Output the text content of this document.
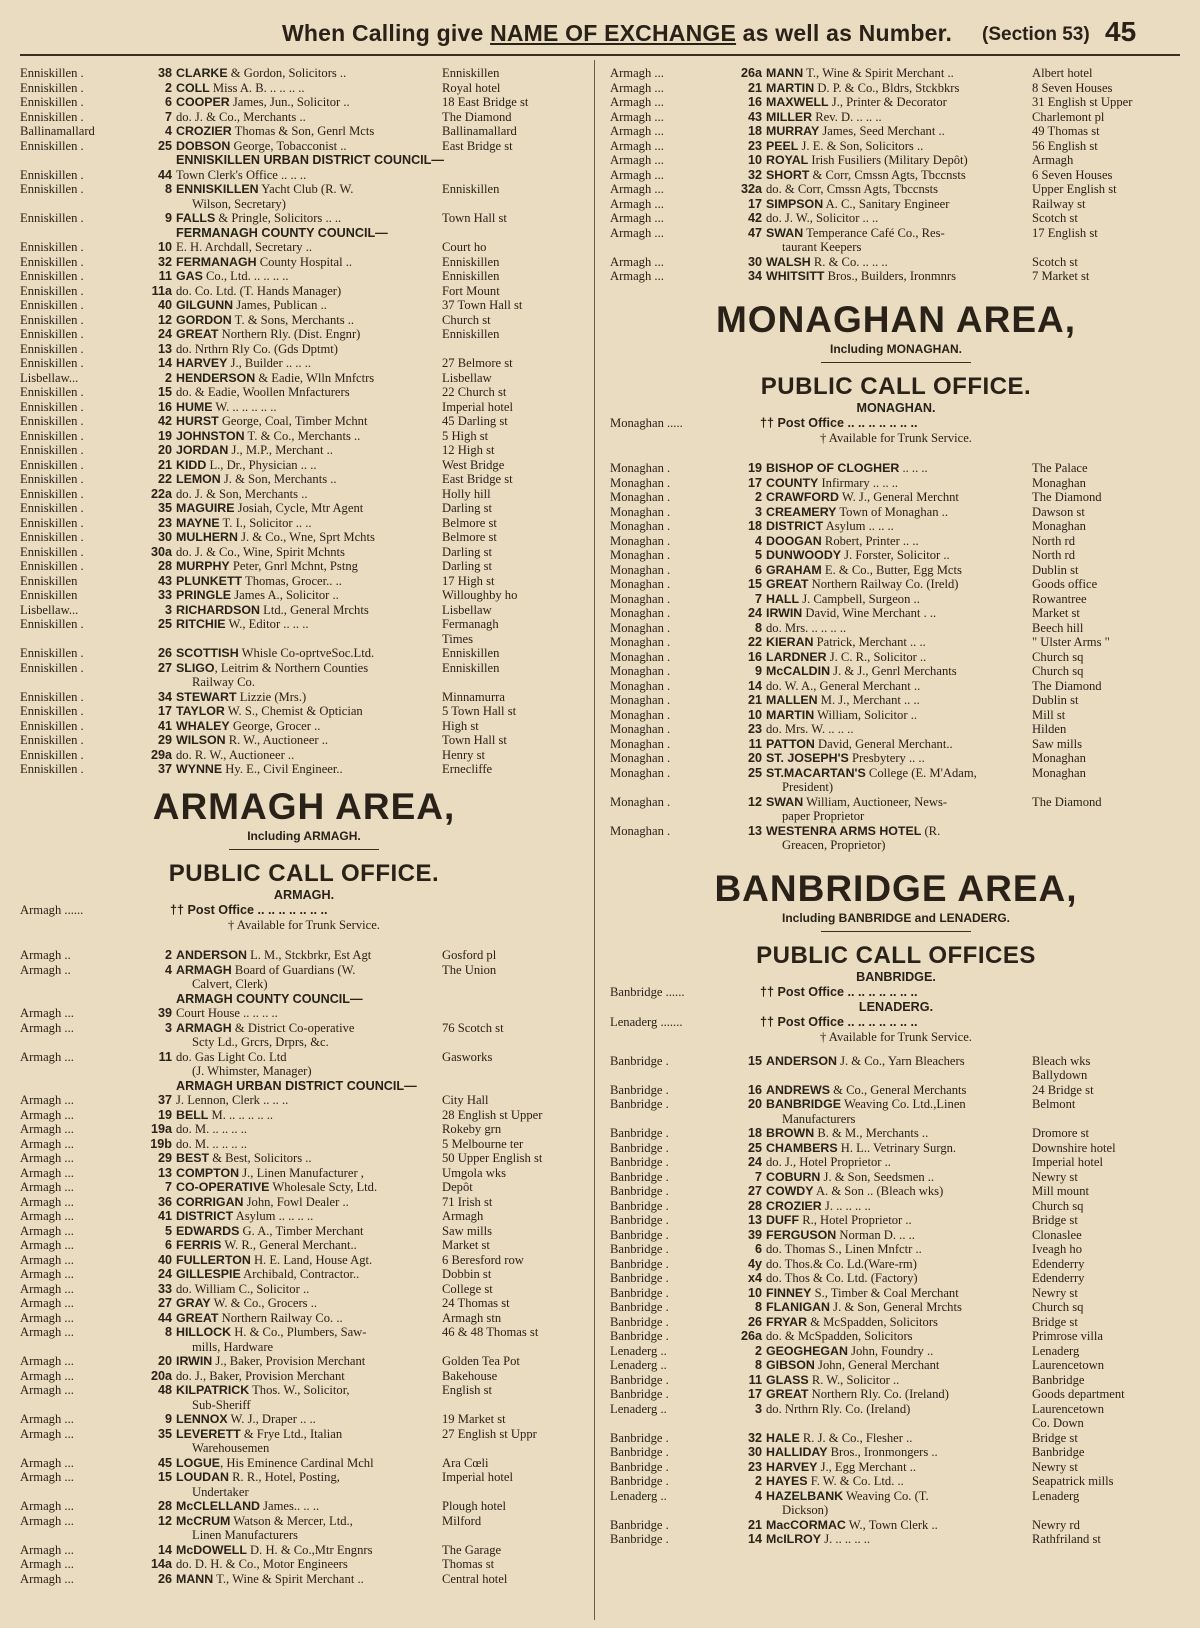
When Calling give NAME OF EXCHANGE as well as Number. (Section 53) 45
Enniskillen .	38 CLARKE & Gordon, Solicitors ..	Enniskillen
Enniskillen .	2 COLL Miss A. B. .. .. .. ..	Royal hotel
Enniskillen .	6 COOPER James, Jun., Solicitor ..	18 East Bridge st
Enniskillen .	7 do. J. & Co., Merchants ..	The Diamond
Ballinamallard	4 CROZIER Thomas & Son, Genrl Mcts	Ballinamallard
Enniskillen .	25 DOBSON George, Tobacconist ..	East Bridge st
ENNISKILLEN URBAN DISTRICT COUNCIL—
Enniskillen .	44 Town Clerk's Office .. .. ..
Enniskillen .	8 ENNISKILLEN Yacht Club (R. W.	Enniskillen
Wilson, Secretary)
Enniskillen .	9 FALLS & Pringle, Solicitors .. ..	Town Hall st
FERMANAGH COUNTY COUNCIL—
Enniskillen .	10 E. H. Archdall, Secretary ..	Court ho
Enniskillen .	32 FERMANAGH County Hospital ..	Enniskillen
Enniskillen .	11 GAS Co., Ltd. .. .. .. ..	Enniskillen
Enniskillen .	11a do. Co. Ltd. (T. Hands Manager)	Fort Mount
Enniskillen .	40 GILGUNN James, Publican ..	37 Town Hall st
Enniskillen .	12 GORDON T. & Sons, Merchants ..	Church st
Enniskillen .	24 GREAT Northern Rly. (Dist. Engnr)	Enniskillen
Enniskillen .	13 do. Nrthrn Rly Co. (Gds Dptmt)
Enniskillen .	14 HARVEY J., Builder .. .. ..	27 Belmore st
Lisbellaw...	2 HENDERSON & Eadie, Wlln Mnfctrs	Lisbellaw
Enniskillen .	15 do. & Eadie, Woollen Mnfacturers	22 Church st
Enniskillen .	16 HUME W. .. .. .. .. ..	Imperial hotel
Enniskillen .	42 HURST George, Coal, Timber Mchnt	45 Darling st
Enniskillen .	19 JOHNSTON T. & Co., Merchants ..	5 High st
Enniskillen .	20 JORDAN J., M.P., Merchant ..	12 High st
Enniskillen .	21 KIDD L., Dr., Physician .. ..	West Bridge
Enniskillen .	22 LEMON J. & Son, Merchants ..	East Bridge st
Enniskillen .	22a do. J. & Son, Merchants ..	Holly hill
Enniskillen .	35 MAGUIRE Josiah, Cycle, Mtr Agent	Darling st
Enniskillen .	23 MAYNE T. I., Solicitor .. ..	Belmore st
Enniskillen .	30 MULHERN J. & Co., Wne, Sprt Mchts	Belmore st
Enniskillen .	30a do. J. & Co., Wine, Spirit Mchnts	Darling st
Enniskillen .	28 MURPHY Peter, Gnrl Mchnt, Pstng	Darling st
Enniskillen	43 PLUNKETT Thomas, Grocer.. ..	17 High st
Enniskillen	33 PRINGLE James A., Solicitor ..	Willoughby ho
Lisbellaw...	3 RICHARDSON Ltd., General Mrchts	Lisbellaw
Enniskillen .	25 RITCHIE W., Editor .. .. ..	Fermanagh
Times
Enniskillen .	26 SCOTTISH Whisle Co-oprtveSoc.Ltd.	Enniskillen
Enniskillen .	27 SLIGO, Leitrim & Northern Counties	Enniskillen
Railway Co.
Enniskillen .	34 STEWART Lizzie (Mrs.)	Minnamurra
Enniskillen .	17 TAYLOR W. S., Chemist & Optician	5 Town Hall st
Enniskillen .	41 WHALEY George, Grocer ..	High st
Enniskillen .	29 WILSON R. W., Auctioneer ..	Town Hall st
Enniskillen .	29a do. R. W., Auctioneer ..	Henry st
Enniskillen .	37 WYNNE Hy. E., Civil Engineer..	Ernecliffe
ARMAGH AREA,
Including ARMAGH.
PUBLIC CALL OFFICE.
ARMAGH.
Armagh ......	†† Post Office .. .. .. .. .. .. ..
† Available for Trunk Service.
Armagh ..	2 ANDERSON L. M., Stckbrkr, Est Agt	Gosford pl
Armagh ..	4 ARMAGH Board of Guardians (W.	The Union
Calvert, Clerk)
ARMAGH COUNTY COUNCIL—
Armagh ...	39 Court House .. .. .. ..
Armagh ...	3 ARMAGH & District Co-operative	76 Scotch st
Scty Ld., Grcrs, Drprs, &c.
Armagh ...	11 do. Gas Light Co. Ltd	Gasworks
(J. Whimster, Manager)
ARMAGH URBAN DISTRICT COUNCIL—
Armagh ...	37 J. Lennon, Clerk .. .. ..	City Hall
Armagh ...	19 BELL M. .. .. .. .. ..	28 English st Upper
Armagh ...	19a do. M. .. .. .. ..	Rokeby grn
Armagh ...	19b do. M. .. .. .. ..	5 Melbourne ter
Armagh ...	29 BEST & Best, Solicitors ..	50 Upper English st
Armagh ...	13 COMPTON J., Linen Manufacturer ,	Umgola wks
Armagh ...	7 CO-OPERATIVE Wholesale Scty, Ltd.	Depôt
Armagh ...	36 CORRIGAN John, Fowl Dealer ..	71 Irish st
Armagh ...	41 DISTRICT Asylum .. .. .. ..	Armagh
Armagh ...	5 EDWARDS G. A., Timber Merchant	Saw mills
Armagh ...	6 FERRIS W. R., General Merchant..	Market st
Armagh ...	40 FULLERTON H. E. Land, House Agt.	6 Beresford row
Armagh ...	24 GILLESPIE Archibald, Contractor..	Dobbin st
Armagh ...	33 do. William C., Solicitor ..	College st
Armagh ...	27 GRAY W. & Co., Grocers ..	24 Thomas st
Armagh ...	44 GREAT Northern Railway Co. ..	Armagh stn
Armagh ...	8 HILLOCK H. & Co., Plumbers, Saw-	46 & 48 Thomas st
mills, Hardware
Armagh ...	20 IRWIN J., Baker, Provision Merchant	Golden Tea Pot
Armagh ...	20a do. J., Baker, Provision Merchant	Bakehouse
Armagh ...	48 KILPATRICK Thos. W., Solicitor,	English st
Sub-Sheriff
Armagh ...	9 LENNOX W. J., Draper .. ..	19 Market st
Armagh ...	35 LEVERETT & Frye Ltd., Italian	27 English st Uppr
Warehousemen
Armagh ...	45 LOGUE, His Eminence Cardinal Mchl	Ara Cœli
Armagh ...	15 LOUDAN R. R., Hotel, Posting,	Imperial hotel
Undertaker
Armagh ...	28 McCLELLAND James.. .. ..	Plough hotel
Armagh ...	12 McCRUM Watson & Mercer, Ltd.,	Milford
Linen Manufacturers
Armagh ...	14 McDOWELL D. H. & Co.,Mtr Engnrs	The Garage
Armagh ...	14a do. D. H. & Co., Motor Engineers	Thomas st
Armagh ...	26 MANN T., Wine & Spirit Merchant ..	Central hotel
Armagh ...	26a MANN T., Wine & Spirit Merchant ..	Albert hotel
Armagh ...	21 MARTIN D. P. & Co., Bldrs, Stckbkrs	8 Seven Houses
Armagh ...	16 MAXWELL J., Printer & Decorator	31 English st Upper
Armagh ...	43 MILLER Rev. D. .. .. ..	Charlemont pl
Armagh ...	18 MURRAY James, Seed Merchant ..	49 Thomas st
Armagh ...	23 PEEL J. E. & Son, Solicitors ..	56 English st
Armagh ...	10 ROYAL Irish Fusiliers (Military Depôt)	Armagh
Armagh ...	32 SHORT & Corr, Cmssn Agts, Tbccnsts	6 Seven Houses
Armagh ...	32a do. & Corr, Cmssn Agts, Tbccnsts	Upper English st
Armagh ...	17 SIMPSON A. C., Sanitary Engineer	Railway st
Armagh ...	42 do. J. W., Solicitor .. ..	Scotch st
Armagh ...	47 SWAN Temperance Café Co., Res-	17 English st
taurant Keepers
Armagh ...	30 WALSH R. & Co. .. .. ..	Scotch st
Armagh ...	34 WHITSITT Bros., Builders, Ironmnrs	7 Market st
MONAGHAN AREA,
Including MONAGHAN.
PUBLIC CALL OFFICE.
MONAGHAN.
Monaghan .....	†† Post Office .. .. .. .. .. .. ..
† Available for Trunk Service.
Monaghan .	19 BISHOP OF CLOGHER .. .. ..	The Palace
Monaghan .	17 COUNTY Infirmary .. .. ..	Monaghan
Monaghan .	2 CRAWFORD W. J., General Merchnt	The Diamond
Monaghan .	3 CREAMERY Town of Monaghan ..	Dawson st
Monaghan .	18 DISTRICT Asylum .. .. ..	Monaghan
Monaghan .	4 DOOGAN Robert, Printer .. ..	North rd
Monaghan .	5 DUNWOODY J. Forster, Solicitor ..	North rd
Monaghan .	6 GRAHAM E. & Co., Butter, Egg Mcts	Dublin st
Monaghan .	15 GREAT Northern Railway Co. (Ireld)	Goods office
Monaghan .	7 HALL J. Campbell, Surgeon ..	Rowantree
Monaghan .	24 IRWIN David, Wine Merchant . ..	Market st
Monaghan .	8 do. Mrs. .. .. .. ..	Beech hill
Monaghan .	22 KIERAN Patrick, Merchant .. ..	" Ulster Arms "
Monaghan .	16 LARDNER J. C. R., Solicitor ..	Church sq
Monaghan .	9 McCALDIN J. & J., Genrl Merchants	Church sq
Monaghan .	14 do. W. A., General Merchant ..	The Diamond
Monaghan .	21 MALLEN M. J., Merchant .. ..	Dublin st
Monaghan .	10 MARTIN William, Solicitor ..	Mill st
Monaghan .	23 do. Mrs. W. .. .. ..	Hilden
Monaghan .	11 PATTON David, General Merchant..	Saw mills
Monaghan .	20 ST. JOSEPH'S Presbytery .. ..	Monaghan
Monaghan .	25 ST.MACARTAN'S College (E. M'Adam,	Monaghan
President)
Monaghan .	12 SWAN William, Auctioneer, News-	The Diamond
paper Proprietor
Monaghan .	13 WESTENRA ARMS HOTEL (R.
Greacen, Proprietor)
BANBRIDGE AREA,
Including BANBRIDGE and LENADERG.
PUBLIC CALL OFFICES
BANBRIDGE.
Banbridge ......	†† Post Office .. .. .. .. .. .. ..
LENADERG.
Lenaderg .......	†† Post Office .. .. .. .. .. .. ..
† Available for Trunk Service.
Banbridge .	15 ANDERSON J. & Co., Yarn Bleachers	Bleach wks
Ballydown
Banbridge .	16 ANDREWS & Co., General Merchants	24 Bridge st
Banbridge .	20 BANBRIDGE Weaving Co. Ltd.,Linen	Belmont
Manufacturers
Banbridge .	18 BROWN B. & M., Merchants ..	Dromore st
Banbridge .	25 CHAMBERS H. L.. Vetrinary Surgn.	Downshire hotel
Banbridge .	24 do. J., Hotel Proprietor ..	Imperial hotel
Banbridge .	7 COBURN J. & Son, Seedsmen ..	Newry st
Banbridge .	27 COWDY A. & Son .. (Bleach wks)	Mill mount
Banbridge .	28 CROZIER J. .. .. .. ..	Church sq
Banbridge .	13 DUFF R., Hotel Proprietor ..	Bridge st
Banbridge .	39 FERGUSON Norman D. .. ..	Clonaslee
Banbridge .	6 do. Thomas S., Linen Mnfctr ..	Iveagh ho
Banbridge .	4y do. Thos.& Co. Ld.(Ware-rm)	Edenderry
Banbridge .	x4 do. Thos & Co. Ltd. (Factory)	Edenderry
Banbridge .	10 FINNEY S., Timber & Coal Merchant	Newry st
Banbridge .	8 FLANIGAN J. & Son, General Mrchts	Church sq
Banbridge .	26 FRYAR & McSpadden, Solicitors	Bridge st
Banbridge .	26a do. & McSpadden, Solicitors	Primrose villa
Lenaderg ..	2 GEOGHEGAN John, Foundry ..	Lenaderg
Lenaderg ..	8 GIBSON John, General Merchant	Laurencetown
Banbridge .	11 GLASS R. W., Solicitor ..	Banbridge
Banbridge .	17 GREAT Northern Rly. Co. (Ireland)	Goods department
Lenaderg ..	3 do. Nrthrn Rly. Co. (Ireland)	Laurencetown
Co. Down
Banbridge .	32 HALE R. J. & Co., Flesher ..	Bridge st
Banbridge .	30 HALLIDAY Bros., Ironmongers ..	Banbridge
Banbridge .	23 HARVEY J., Egg Merchant ..	Newry st
Banbridge .	2 HAYES F. W. & Co. Ltd. ..	Seapatrick mills
Lenaderg ..	4 HAZELBANK Weaving Co. (T.	Lenaderg
Dickson)
Banbridge .	21 MacCORMAC W., Town Clerk ..	Newry rd
Banbridge .	14 McILROY J. .. .. .. ..	Rathfriland st
